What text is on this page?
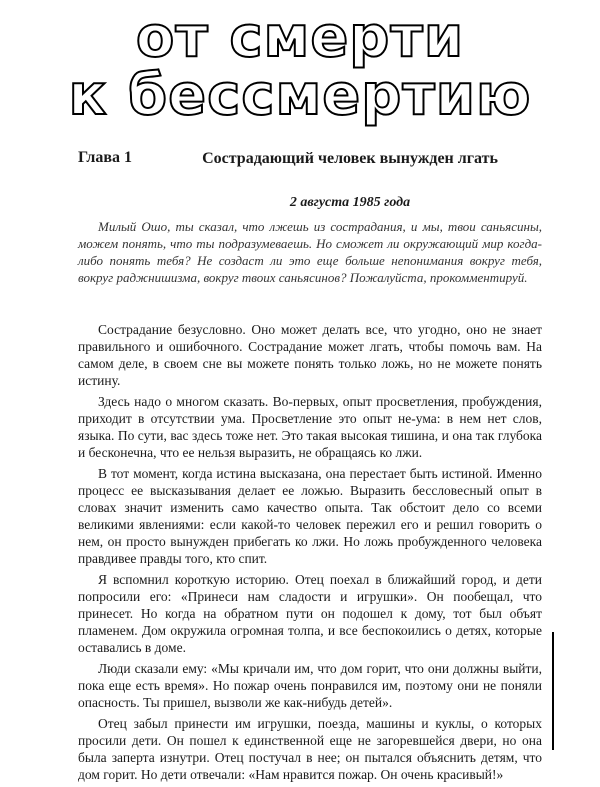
от смерти
к бессмертию
Глава 1	Сострадающий человек вынужден лгать
2 августа 1985 года
Милый Ошо, ты сказал, что лжешь из сострадания, и мы, твои саньясины, можем понять, что ты подразумеваешь. Но сможет ли окружающий мир когда-либо понять тебя? Не создаст ли это еще больше непонимания вокруг тебя, вокруг раджнишизма, вокруг твоих саньясинов? Пожалуйста, прокомментируй.

Сострадание безусловно. Оно может делать все, что угодно, оно не знает правильного и ошибочного. Сострадание может лгать, чтобы помочь вам. На самом деле, в своем сне вы можете понять только ложь, но не можете понять истину.

Здесь надо о многом сказать. Во-первых, опыт просветления, пробуждения, приходит в отсутствии ума. Просветление это опыт не-ума: в нем нет слов, языка. По сути, вас здесь тоже нет. Это такая высокая тишина, и она так глубока и бесконечна, что ее нельзя выразить, не обращаясь ко лжи.

В тот момент, когда истина высказана, она перестает быть истиной. Именно процесс ее высказывания делает ее ложью. Выразить бессловесный опыт в словах значит изменить само качество опыта. Так обстоит дело со всеми великими явлениями: если какой-то человек пережил его и решил говорить о нем, он просто вынужден прибегать ко лжи. Но ложь пробужденного человека правдивее правды того, кто спит.

Я вспомнил короткую историю. Отец поехал в ближайший город, и дети попросили его: «Принеси нам сладости и игрушки». Он пообещал, что принесет. Но когда на обратном пути он подошел к дому, тот был объят пламенем. Дом окружила огромная толпа, и все беспокоились о детях, которые оставались в доме.

Люди сказали ему: «Мы кричали им, что дом горит, что они должны выйти, пока еще есть время». Но пожар очень понравился им, поэтому они не поняли опасность. Ты пришел, вызволи же как-нибудь детей».

Отец забыл принести им игрушки, поезда, машины и куклы, о которых просили дети. Он пошел к единственной еще не загоревшейся двери, но она была заперта изнутри. Отец постучал в нее; он пытался объяснить детям, что дом горит. Но дети отвечали: «Нам нравится пожар. Он очень красивый!»
